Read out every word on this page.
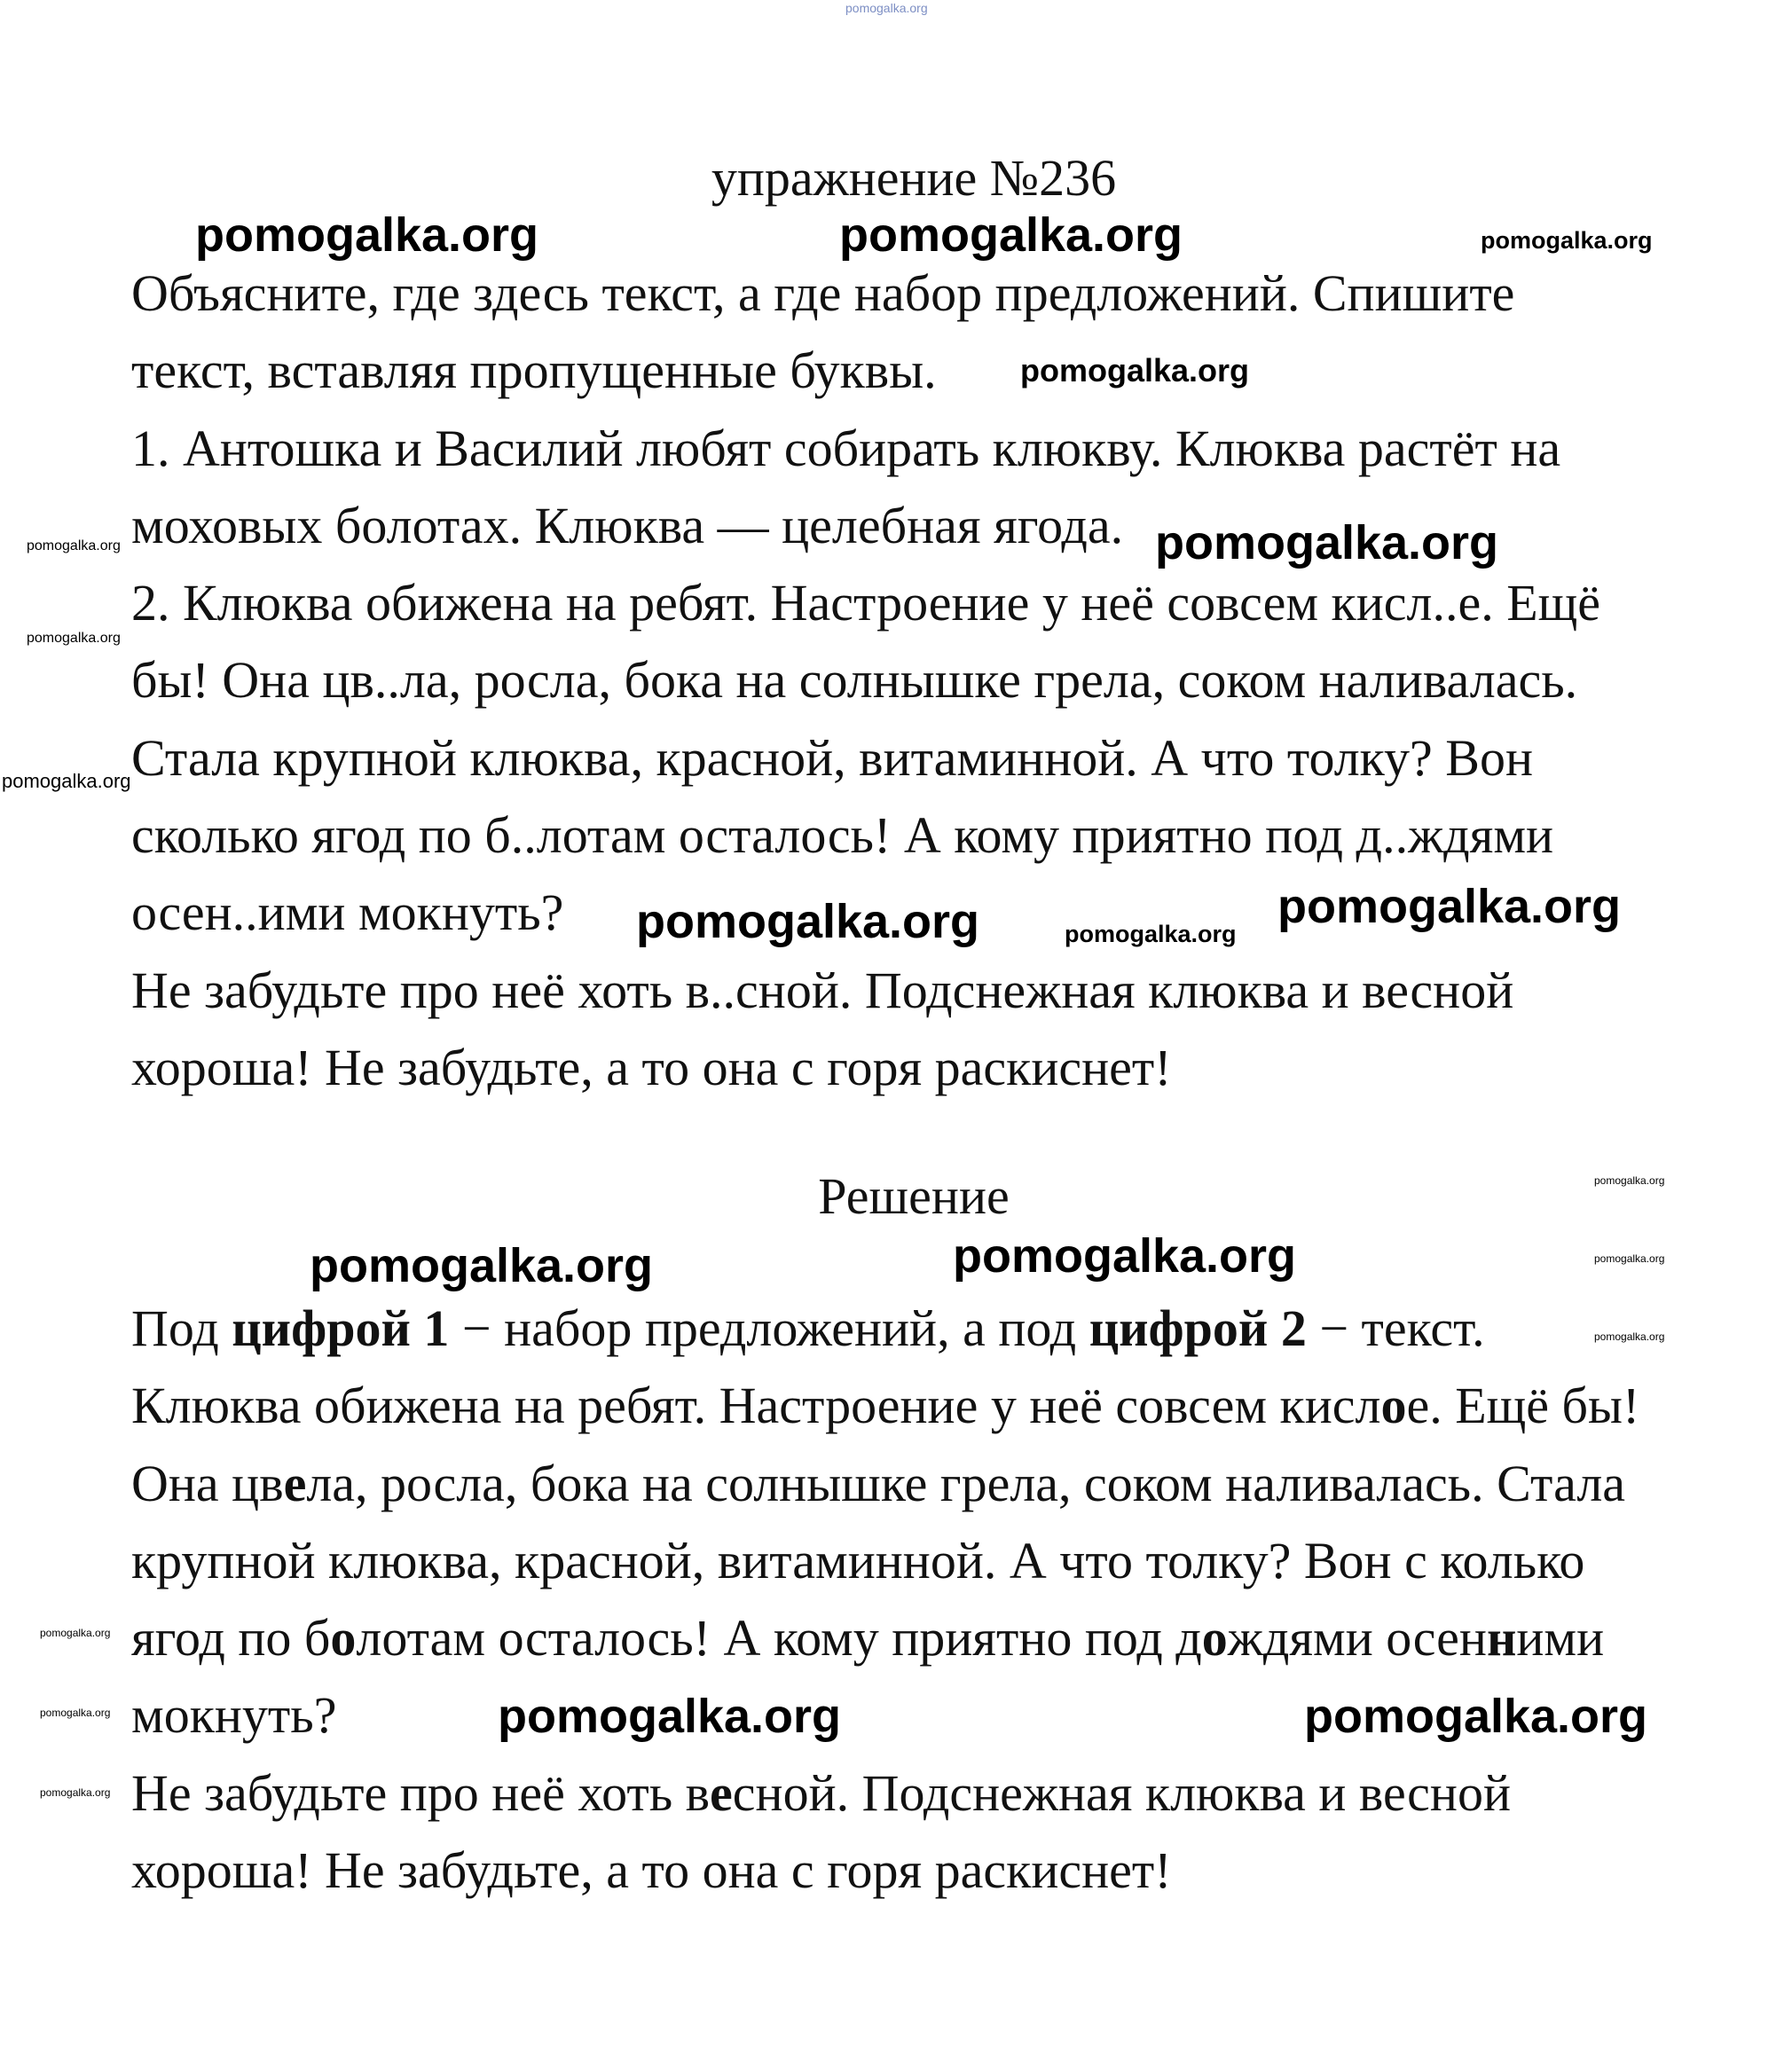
упражнение №236
Объясните, где здесь текст, а где набор предложений. Спишите
текст, вставляя пропущенные буквы.
1. Антошка и Василий любят собирать клюкву. Клюква растёт на
моховых болотах. Клюква — целебная ягода.
2. Клюква обижена на ребят. Настроение у неё совсем кисл..е. Ещё
бы! Она цв..ла, росла, бока на солнышке грела, соком наливалась.
Стала крупной клюква, красной, витаминной. А что толку? Вон
сколько ягод по б..лотам осталось! А кому приятно под д..ждями
осен..ими мокнуть?
Не забудьте про неё хоть в..сной. Подснежная клюква и весной
хороша! Не забудьте, а то она с горя раскиснет!
Решение
Под цифрой 1 − набор предложений, а под цифрой 2 − текст.
Клюква обижена на ребят. Настроение у неё совсем кислое. Ещё бы!
Она цвела, росла, бока на солнышке грела, соком наливалась. Стала
крупной клюква, красной, витаминной. А что толку? Вон с колько
ягод по болотам осталось! А кому приятно под дождями осенними
мокнуть?
Не забудьте про неё хоть весной. Подснежная клюква и весной
хороша! Не забудьте, а то она с горя раскиснет!
pomogalka.org
pomogalka.org	pomogalka.org	pomogalka.org
pomogalka.org
pomogalka.org
pomogalka.org
pomogalka.org
pomogalka.org
pomogalka.org
pomogalka.org
pomogalka.org
pomogalka.org
pomogalka.org	pomogalka.org	pomogalka.org
pomogalka.org
pomogalka.org
pomogalka.org	pomogalka.org
pomogalka.org
pomogalka.org
